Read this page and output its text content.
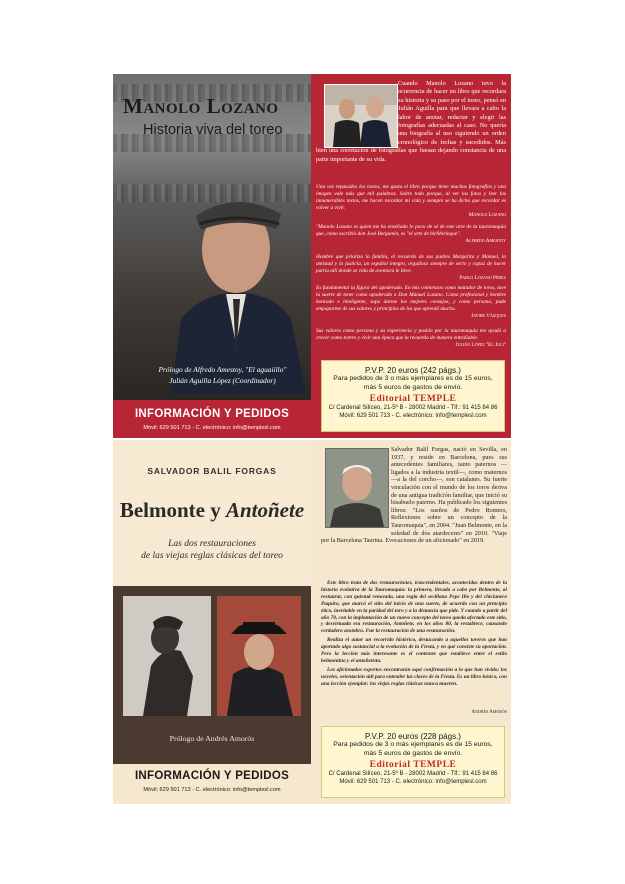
Manolo Lozano
Historia viva del toreo
Prólogo de Alfredo Amestoy, "El aguaiillo"
Julián Aguilla López (Coordinador)
INFORMACIÓN Y PEDIDOS
Móvil: 629 501 713 - C. electrónico: info@templesl.com
Cuando Manolo Lozano tuvo la ocurrencia de hacer un libro que recordara su historia y su paso por el toreo, pensó en Julián Aguilla para que llevara a cabo la labor de anotar, redactar y elegir las fotografías adecuadas al caso. No quería una biografía al uso siguiendo un orden cronológico de fechas y sucedidos. Más bien una correlación de fotografías que fuesan dejando constancia de una parte importante de su vida.
Una vez repasados los textos, me gusta el libro porque tiene muchas fotografías y una imagen vale más que mil palabras. Sobre todo porque, al ver las fotos y leer los innumerables textos, me hacen recordar mi vida y siempre se ha dicho que recordar es volver a vivir.
Manolo Lozano
"Manolo Lozano es quien me ha enseñado lo poco de sé de este arte de la tauromaquia que, como escribió don José Bergamín, es "el arte de birlibirloque".
Alfredo Amestoy
Hombre que prioriza la familia, el recuerdo de sus padres Margarita y Manuel, la amistad y la justicia, un español íntegro, orgulloso siempre de serlo y capaz de hacer patria allí donde se vida de aventura le lleve.
Pablo Lozano Pérez
Es fundamental la figura del apoderado. En mis comienzos como matador de toros, tuve la suerte de tener como apoderado a Don Manuel Lozano. Como profesional y hombre honrado e inteligente, supo darme los mejores consejos, y como persona, pude empaparme de sus valores y principios de los que aprendí mucho.
Javier Vázquez
Sus valores como persona y su experiencia y pasión por la tauromaquia me ayudó a crecer como torero y vivir una época que la recuerdo de manera entrañable.
Julián López "El Juli"
P.V.P. 20 euros (242 págs.)
Para pedidos de 3 o más ejemplares es de 15 euros,
más 5 euros de gastos de envío.
Editorial TEMPLE
C/ Cardenal Silíceo, 21-5º B - 28002 Madrid - Tlf.: 91 415 84 86
Móvil: 629 501 713 - C. electrónico: info@templesl.com
SALVADOR BALIL FORGAS
Belmonte y Antoñete
Las dos restauraciones
de las viejas reglas clásicas del toreo
Prólogo de Andrés Amorós
INFORMACIÓN Y PEDIDOS
Móvil: 629 501 713 - C. electrónico: info@templesl.com
Salvador Balil Forgas, nació en Sevilla, en 1937, y reside en Barcelona, pues sus antecedentes familiares, tanto paternos —ligados a la industria textil—, como maternos —a la del corcho—, son catalanes. Su fuerte vinculación con el mundo de los toros deriva de una antigua tradición familiar, que inició su bisabuelo paterno. Ha publicado los siguientes libros: "Los sueños de Pedro Romero, Reflexiones sobre un concepto de la Tauromaquia", en 2004. "Juan Belmonte, en la soledad de dos atardeceres" en 2010. "Viaje por la Barcelona Taurina. Evocaciones de un aficionado" en 2019.

Este libro trata de dos restauraciones, trascendentales, acontecidas dentro de la historia evolutiva de la Tauromaquia: la primera, llevada a cabo por Belmonte, al restaurar, con quietud renovada, una regla del sevillano Pepe Illo y del chiclanero Paquiro, que marcó el sitio del inicio de una suerte, de acuerdo con un principio ético, inevitable en la paridad del toro y a la distancia que pide. Y cuando a partir del año 70, con la implantación de un nuevo concepto del toreo queda afectado este sitio, y desvirtuada esa restauración, Antoñete, en los años 80, la restablece, causando verdadero asombro. Fue la restauración de una restauración.

Realiza el autor un recorrido histórico, destacando a aquellos toreros que han aportado algo sustancial a la evolución de la Fiesta, y en qué consiste su aportación. Pero la lección más interesante es el contraste que establece entre el estilo belmontino y el antoñetista.

Los aficionados expertos encontrarán aquí confirmación a lo que han vivido; los noveles, orientación útil para entender las claves de la Fiesta. Es un libro básico, con una lección ejemplar: las viejas reglas clásicas nunca mueren.

Andrés Amorós
P.V.P. 20 euros (228 págs.)
Para pedidos de 3 o más ejemplares es de 15 euros,
más 5 euros de gastos de envío.
Editorial TEMPLE
C/ Cardenal Silíceo, 21-5º B - 28002 Madrid - Tlf.: 91 415 84 86
Móvil: 629 501 713 - C. electrónico: info@templesl.com
